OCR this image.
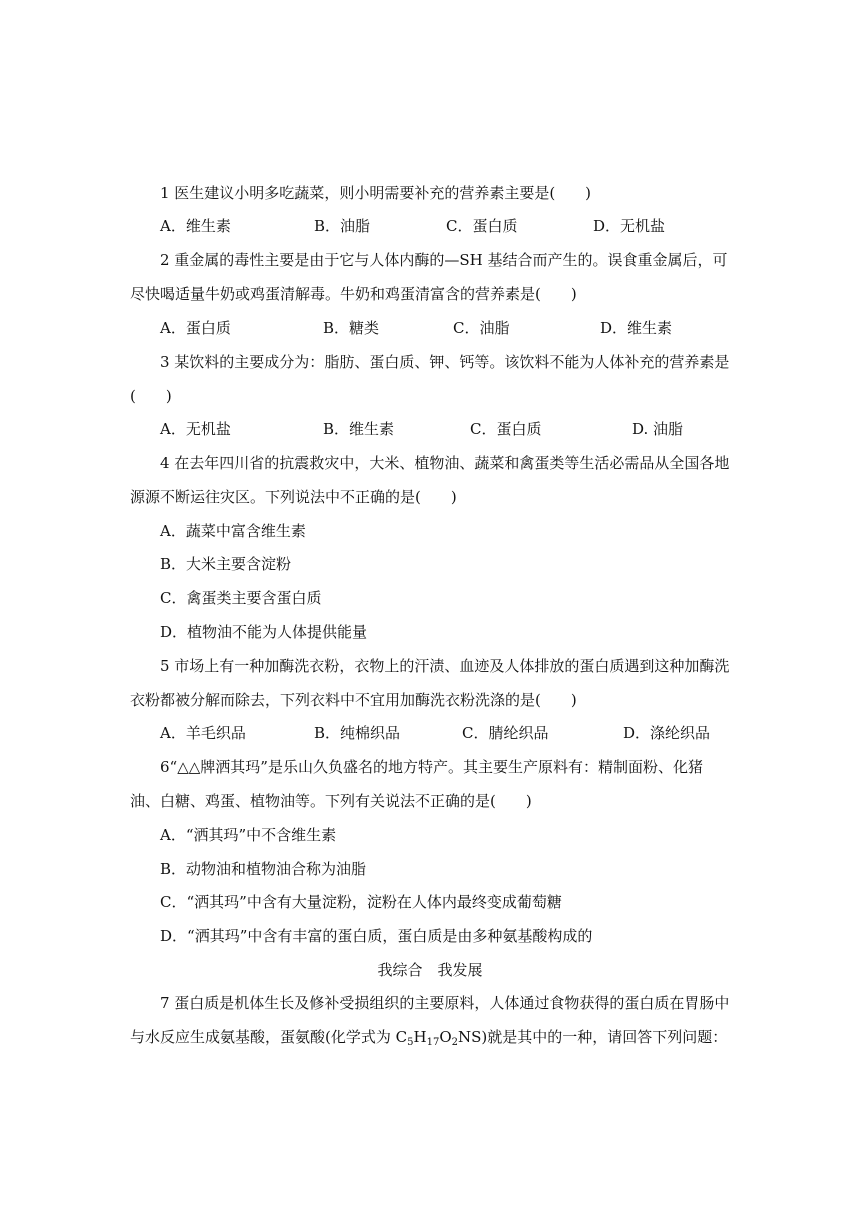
1 医生建议小明多吃蔬菜，则小明需要补充的营养素主要是(　　)
A．维生素	B．油脂	C．蛋白质	D．无机盐
2 重金属的毒性主要是由于它与人体内酶的—SH 基结合而产生的。误食重金属后，可
尽快喝适量牛奶或鸡蛋清解毒。牛奶和鸡蛋清富含的营养素是(　　)
A．蛋白质	B．糖类	C．油脂	D．维生素
3 某饮料的主要成分为：脂肪、蛋白质、钾、钙等。该饮料不能为人体补充的营养素是
(　　)
A．无机盐	B．维生素	C．蛋白质	D. 油脂
4 在去年四川省的抗震救灾中，大米、植物油、蔬菜和禽蛋类等生活必需品从全国各地
源源不断运往灾区。下列说法中不正确的是(　　)
A．蔬菜中富含维生素
B．大米主要含淀粉
C．禽蛋类主要含蛋白质
D．植物油不能为人体提供能量
5 市场上有一种加酶洗衣粉，衣物上的汗渍、血迹及人体排放的蛋白质遇到这种加酶洗
衣粉都被分解而除去，下列衣料中不宜用加酶洗衣粉洗涤的是(　　)
A．羊毛织品	B．纯棉织品	C．腈纶织品	D．涤纶织品
6“△△牌洒其玛”是乐山久负盛名的地方特产。其主要生产原料有：精制面粉、化猪
油、白糖、鸡蛋、植物油等。下列有关说法不正确的是(　　)
A．“洒其玛”中不含维生素
B．动物油和植物油合称为油脂
C．“洒其玛”中含有大量淀粉，淀粉在人体内最终变成葡萄糖
D．“洒其玛”中含有丰富的蛋白质，蛋白质是由多种氨基酸构成的
我综合　我发展
7 蛋白质是机体生长及修补受损组织的主要原料，人体通过食物获得的蛋白质在胃肠中
与水反应生成氨基酸，蛋氨酸(化学式为 $C_5H_{17}O_2NS$)就是其中的一种，请回答下列问题：
